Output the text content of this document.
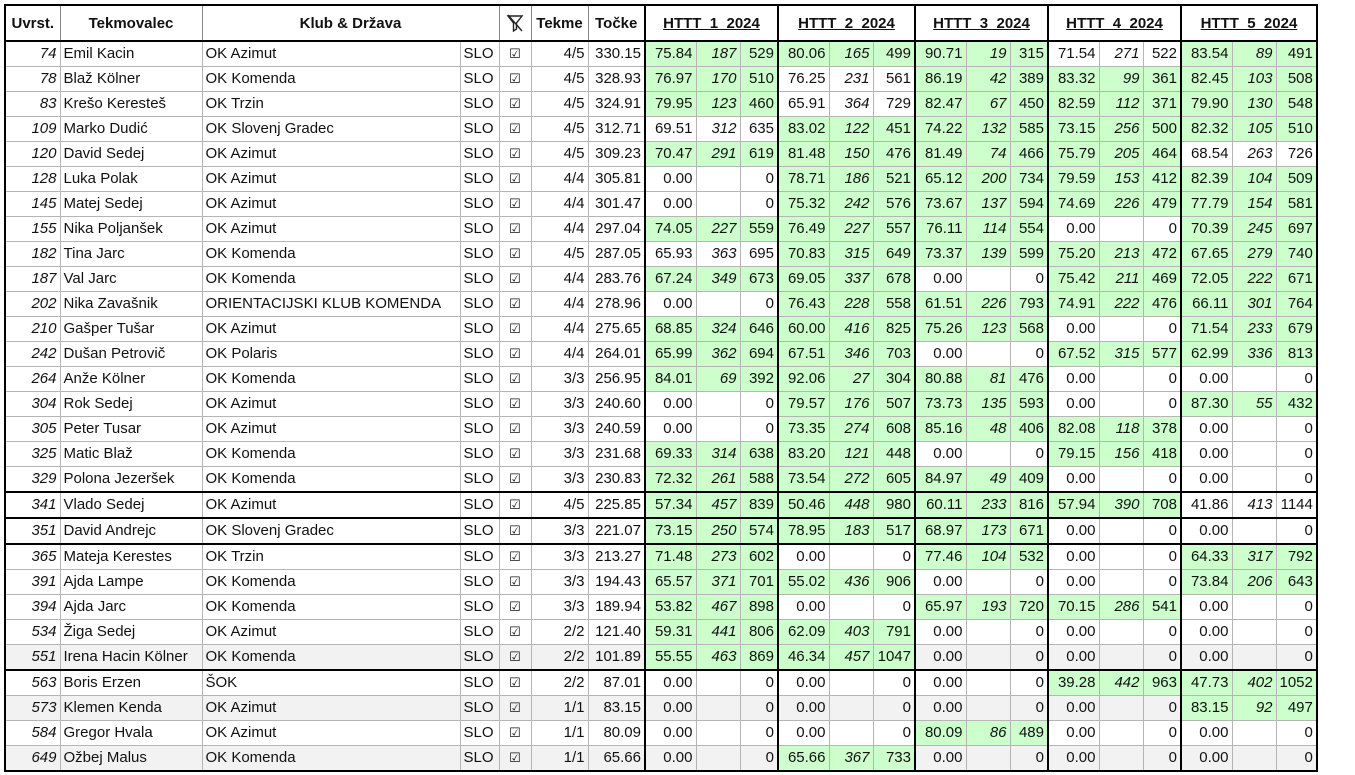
Uvrst.	Tekmovalec	Klub & Država			Tekme	Točke	HTTT_1_2024			HTTT_2_2024			HTTT_3_2024			HTTT_4_2024			HTTT_5_2024		
74	Emil Kacin	OK Azimut	SLO	☑	4/5	330.15	75.84	187	529	80.06	165	499	90.71	19	315	71.54	271	522	83.54	89	491
78	Blaž Kölner	OK Komenda	SLO	☑	4/5	328.93	76.97	170	510	76.25	231	561	86.19	42	389	83.32	99	361	82.45	103	508
83	Krešo Keresteš	OK Trzin	SLO	☑	4/5	324.91	79.95	123	460	65.91	364	729	82.47	67	450	82.59	112	371	79.90	130	548
109	Marko Dudić	OK Slovenj Gradec	SLO	☑	4/5	312.71	69.51	312	635	83.02	122	451	74.22	132	585	73.15	256	500	82.32	105	510
120	David Sedej	OK Azimut	SLO	☑	4/5	309.23	70.47	291	619	81.48	150	476	81.49	74	466	75.79	205	464	68.54	263	726
128	Luka Polak	OK Azimut	SLO	☑	4/4	305.81	0.00		0	78.71	186	521	65.12	200	734	79.59	153	412	82.39	104	509
145	Matej Sedej	OK Azimut	SLO	☑	4/4	301.47	0.00		0	75.32	242	576	73.67	137	594	74.69	226	479	77.79	154	581
155	Nika Poljanšek	OK Azimut	SLO	☑	4/4	297.04	74.05	227	559	76.49	227	557	76.11	114	554	0.00		0	70.39	245	697
182	Tina Jarc	OK Komenda	SLO	☑	4/5	287.05	65.93	363	695	70.83	315	649	73.37	139	599	75.20	213	472	67.65	279	740
187	Val Jarc	OK Komenda	SLO	☑	4/4	283.76	67.24	349	673	69.05	337	678	0.00		0	75.42	211	469	72.05	222	671
202	Nika Zavašnik	ORIENTACIJSKI KLUB KOMENDA	SLO	☑	4/4	278.96	0.00		0	76.43	228	558	61.51	226	793	74.91	222	476	66.11	301	764
210	Gašper Tušar	OK Azimut	SLO	☑	4/4	275.65	68.85	324	646	60.00	416	825	75.26	123	568	0.00		0	71.54	233	679
242	Dušan Petrovič	OK Polaris	SLO	☑	4/4	264.01	65.99	362	694	67.51	346	703	0.00		0	67.52	315	577	62.99	336	813
264	Anže Kölner	OK Komenda	SLO	☑	3/3	256.95	84.01	69	392	92.06	27	304	80.88	81	476	0.00		0	0.00		0
304	Rok Sedej	OK Azimut	SLO	☑	3/3	240.60	0.00		0	79.57	176	507	73.73	135	593	0.00		0	87.30	55	432
305	Peter Tusar	OK Azimut	SLO	☑	3/3	240.59	0.00		0	73.35	274	608	85.16	48	406	82.08	118	378	0.00		0
325	Matic Blaž	OK Komenda	SLO	☑	3/3	231.68	69.33	314	638	83.20	121	448	0.00		0	79.15	156	418	0.00		0
329	Polona Jezeršek	OK Komenda	SLO	☑	3/3	230.83	72.32	261	588	73.54	272	605	84.97	49	409	0.00		0	0.00		0
341	Vlado Sedej	OK Azimut	SLO	☑	4/5	225.85	57.34	457	839	50.46	448	980	60.11	233	816	57.94	390	708	41.86	413	1144
351	David Andrejc	OK Slovenj Gradec	SLO	☑	3/3	221.07	73.15	250	574	78.95	183	517	68.97	173	671	0.00		0	0.00		0
365	Mateja Kerestes	OK Trzin	SLO	☑	3/3	213.27	71.48	273	602	0.00		0	77.46	104	532	0.00		0	64.33	317	792
391	Ajda Lampe	OK Komenda	SLO	☑	3/3	194.43	65.57	371	701	55.02	436	906	0.00		0	0.00		0	73.84	206	643
394	Ajda Jarc	OK Komenda	SLO	☑	3/3	189.94	53.82	467	898	0.00		0	65.97	193	720	70.15	286	541	0.00		0
534	Žiga Sedej	OK Azimut	SLO	☑	2/2	121.40	59.31	441	806	62.09	403	791	0.00		0	0.00		0	0.00		0
551	Irena Hacin Kölner	OK Komenda	SLO	☑	2/2	101.89	55.55	463	869	46.34	457	1047	0.00		0	0.00		0	0.00		0
563	Boris Erzen	ŠOK	SLO	☑	2/2	87.01	0.00		0	0.00		0	0.00		0	39.28	442	963	47.73	402	1052
573	Klemen Kenda	OK Azimut	SLO	☑	1/1	83.15	0.00		0	0.00		0	0.00		0	0.00		0	83.15	92	497
584	Gregor Hvala	OK Azimut	SLO	☑	1/1	80.09	0.00		0	0.00		0	80.09	86	489	0.00		0	0.00		0
649	Ožbej Malus	OK Komenda	SLO	☑	1/1	65.66	0.00		0	65.66	367	733	0.00		0	0.00		0	0.00		0
